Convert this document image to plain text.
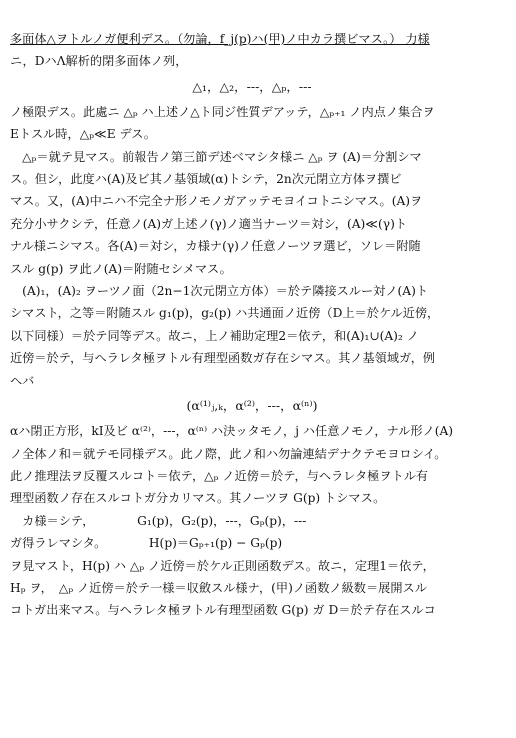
多面体△ヲトルノガ便利デス。（勿論，f_j(p)ハ(甲)ノ中カラ撰ビマス。） 力様
ニ，DハΛ解析的閉多面体ノ列，
△₁，△₂，‐‐‐，△ₚ，‐‐‐
ノ極限デス。此處ニ △ₚ ハ上述ノ△ト同ジ性質デアッテ，△ₚ₊₁ ノ内点ノ集合ヲ
Eトスル時，△ₚ≪E デス。
　△ₚ＝就テ見マス。前報告ノ第三節デ述ベマシタ様ニ △ₚ ヲ (A)＝分割シマ
ス。但シ，此度ハ(A)及ビ其ノ基領域(α)トシテ，2n次元閉立方体ヲ撰ビ
マス。又，(A)中ニハ不完全ナ形ノモノガアッテモヨイコトニシマス。(A)ヲ
充分小サクシテ，任意ノ(A)ガ上述ノ(γ)ノ適当ナーツ＝対シ，(A)≪(γ)ト
ナル様ニシマス。各(A)＝対シ，カ様ナ(γ)ノ任意ノーツヲ選ビ，ソレ＝附随
スル g(p) ヲ此ノ(A)＝附随セシメマス。
　(A)₁，(A)₂ ヲーツノ面（2n−1次元閉立方体）＝於テ隣接スルー対ノ(A)ト
シマスト，之等＝附随スル g₁(p)，g₂(p) ハ共通面ノ近傍（D上＝於ケル近傍，
以下同様）＝於テ同等デス。故ニ，上ノ補助定理2＝依テ，和(A)₁∪(A)₂ ノ
近傍＝於テ，与ヘラレタ極ヲトル有理型函数ガ存在シマス。其ノ基領域ガ，例
ヘバ
(α⁽¹⁾ⱼ,ₖ，α⁽²⁾，‐‐‐，α⁽ⁿ⁾)
αハ閉正方形，kI及ビ α⁽²⁾，‐‐‐，α⁽ⁿ⁾ ハ決ッタモノ，j ハ任意ノモノ，ナル形ノ(A)
ノ全体ノ和＝就テモ同様デス。此ノ際，此ノ和ハ勿論連結デナクテモヨロシイ。
此ノ推理法ヲ反覆スルコト＝依テ，△ₚ ノ近傍＝於テ，与ヘラレタ極ヲトル有
理型函数ノ存在スルコトガ分カリマス。其ノーツヲ G(p) トシマス。
　カ様＝シテ，　　　　G₁(p)，G₂(p)，‐‐‐，Gₚ(p)，‐‐‐
ガ得ラレマシタ。　　　　H(p)＝Gₚ₊₁(p) − Gₚ(p)
ヲ見マスト，H(p) ハ △ₚ ノ近傍＝於ケル正則函数デス。故ニ，定理1＝依テ，
Hₚ ヲ，　△ₚ ノ近傍＝於テ一様＝収斂スル様ナ，(甲)ノ函数ノ級数＝展開スル
コトガ出来マス。与ヘラレタ極ヲトル有理型函数 G(p) ガ D＝於テ存在スルコ
